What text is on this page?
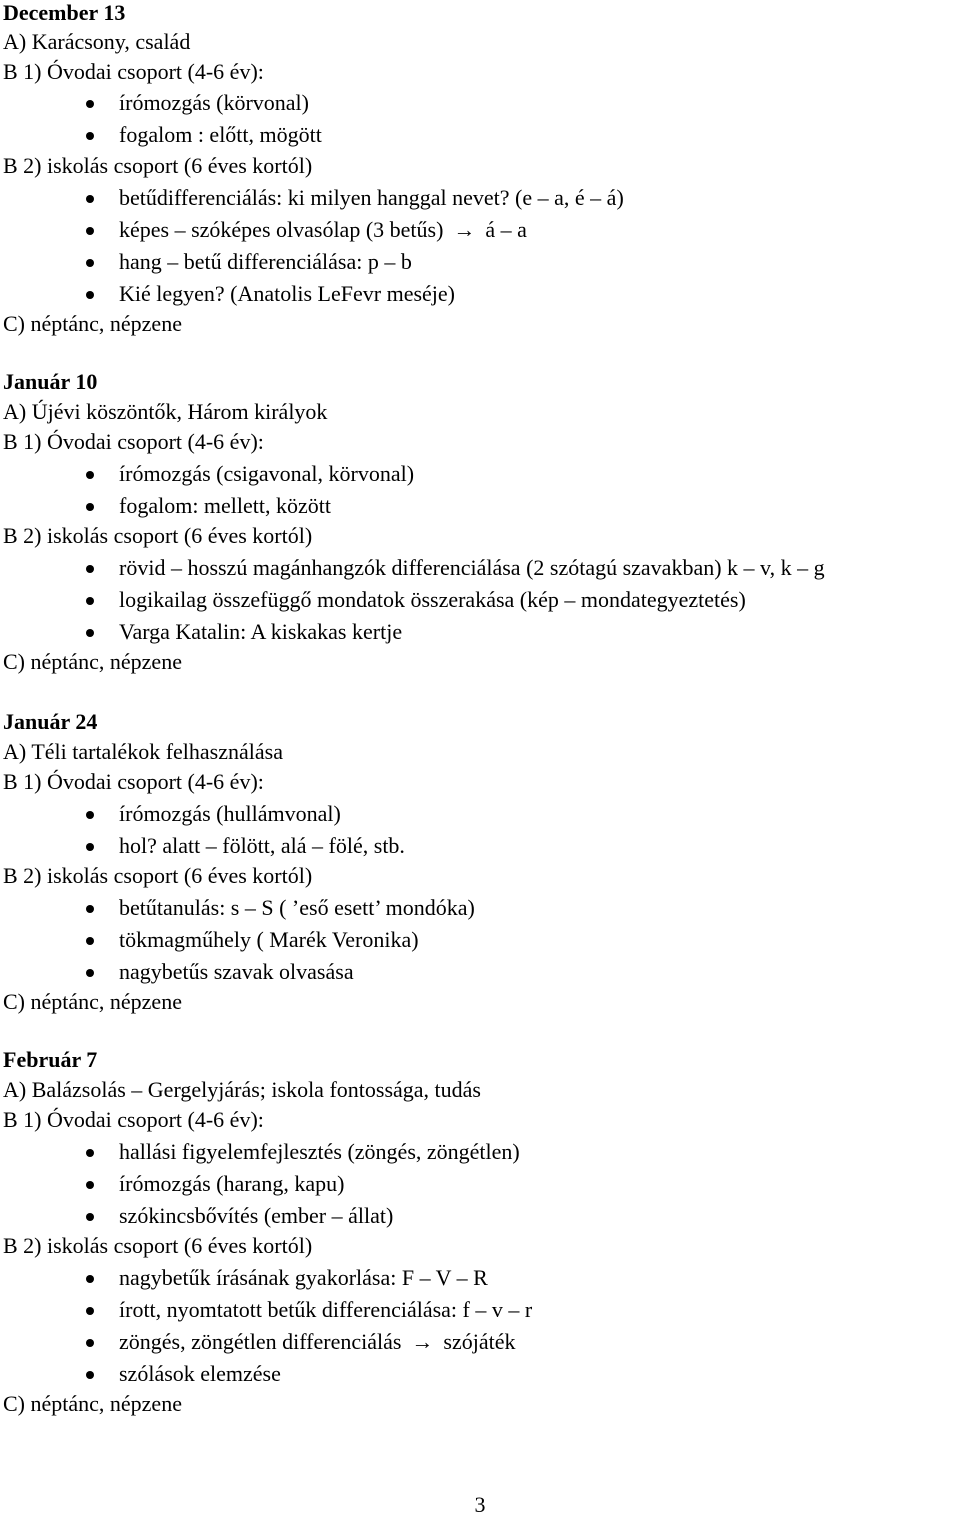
December 13
A) Karácsony, család
B 1) Óvodai csoport (4-6 év):
írómozgás (körvonal)
fogalom : előtt, mögött
B 2) iskolás csoport (6 éves kortól)
betűdifferenciálás: ki milyen hanggal nevet? (e – a, é – á)
képes – szóképes olvasólap (3 betűs) → á – a
hang – betű differenciálása: p – b
Kié legyen? (Anatolis LeFevr meséje)
C) néptánc, népzene
Január 10
A) Újévi köszöntők, Három királyok
B 1) Óvodai csoport (4-6 év):
írómozgás (csigavonal, körvonal)
fogalom: mellett, között
B 2) iskolás csoport (6 éves kortól)
rövid – hosszú magánhangzók differenciálása (2 szótagú szavakban) k – v, k – g
logikailag összefüggő mondatok összerakása (kép – mondategyeztetés)
Varga Katalin: A kiskakas kertje
C) néptánc, népzene
Január 24
A) Téli tartalékok felhasználása
B 1) Óvodai csoport (4-6 év):
írómozgás (hullámvonal)
hol? alatt – fölött, alá – fölé, stb.
B 2) iskolás csoport (6 éves kortól)
betűtanulás: s – S ( ’eső esett’ mondóka)
tökmagműhely ( Marék Veronika)
nagybetűs szavak olvasása
C) néptánc, népzene
Február 7
A) Balázsolás – Gergelyjárás; iskola fontossága, tudás
B 1) Óvodai csoport (4-6 év):
hallási figyelemfejlesztés (zöngés, zöngétlen)
írómozgás (harang, kapu)
szókincsbővítés (ember – állat)
B 2) iskolás csoport (6 éves kortól)
nagybetűk írásának gyakorlása: F – V – R
írott, nyomtatott betűk differenciálása: f – v – r
zöngés, zöngétlen differenciálás → szójáték
szólások elemzése
C) néptánc, népzene
3
